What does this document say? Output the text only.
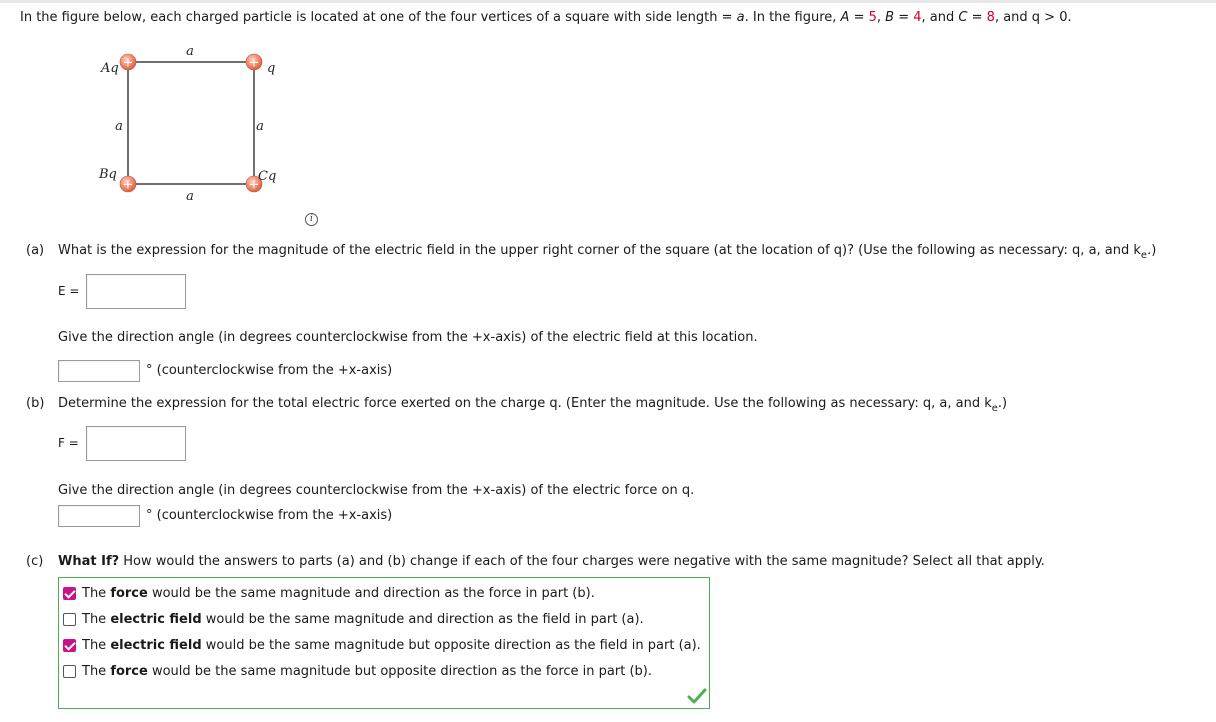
In the figure below, each charged particle is located at one of the four vertices of a square with side length = a. In the figure, A = 5, B = 4, and C = 8, and q > 0.
+	+
+	+
a
a
a	a
Aq	q
Bq	Cq
i
(a) What is the expression for the magnitude of the electric field in the upper right corner of the square (at the location of q)? (Use the following as necessary: q, a, and $k_e$.)
E =
Give the direction angle (in degrees counterclockwise from the +x-axis) of the electric field at this location.
° (counterclockwise from the +x-axis)
(b) Determine the expression for the total electric force exerted on the charge q. (Enter the magnitude. Use the following as necessary: q, a, and $k_e$.)
F =
Give the direction angle (in degrees counterclockwise from the +x-axis) of the electric force on q.
° (counterclockwise from the +x-axis)
(c) What If? How would the answers to parts (a) and (b) change if each of the four charges were negative with the same magnitude? Select all that apply.
The force would be the same magnitude and direction as the force in part (b).
The electric field would be the same magnitude and direction as the field in part (a).
The electric field would be the same magnitude but opposite direction as the field in part (a).
The force would be the same magnitude but opposite direction as the force in part (b).
